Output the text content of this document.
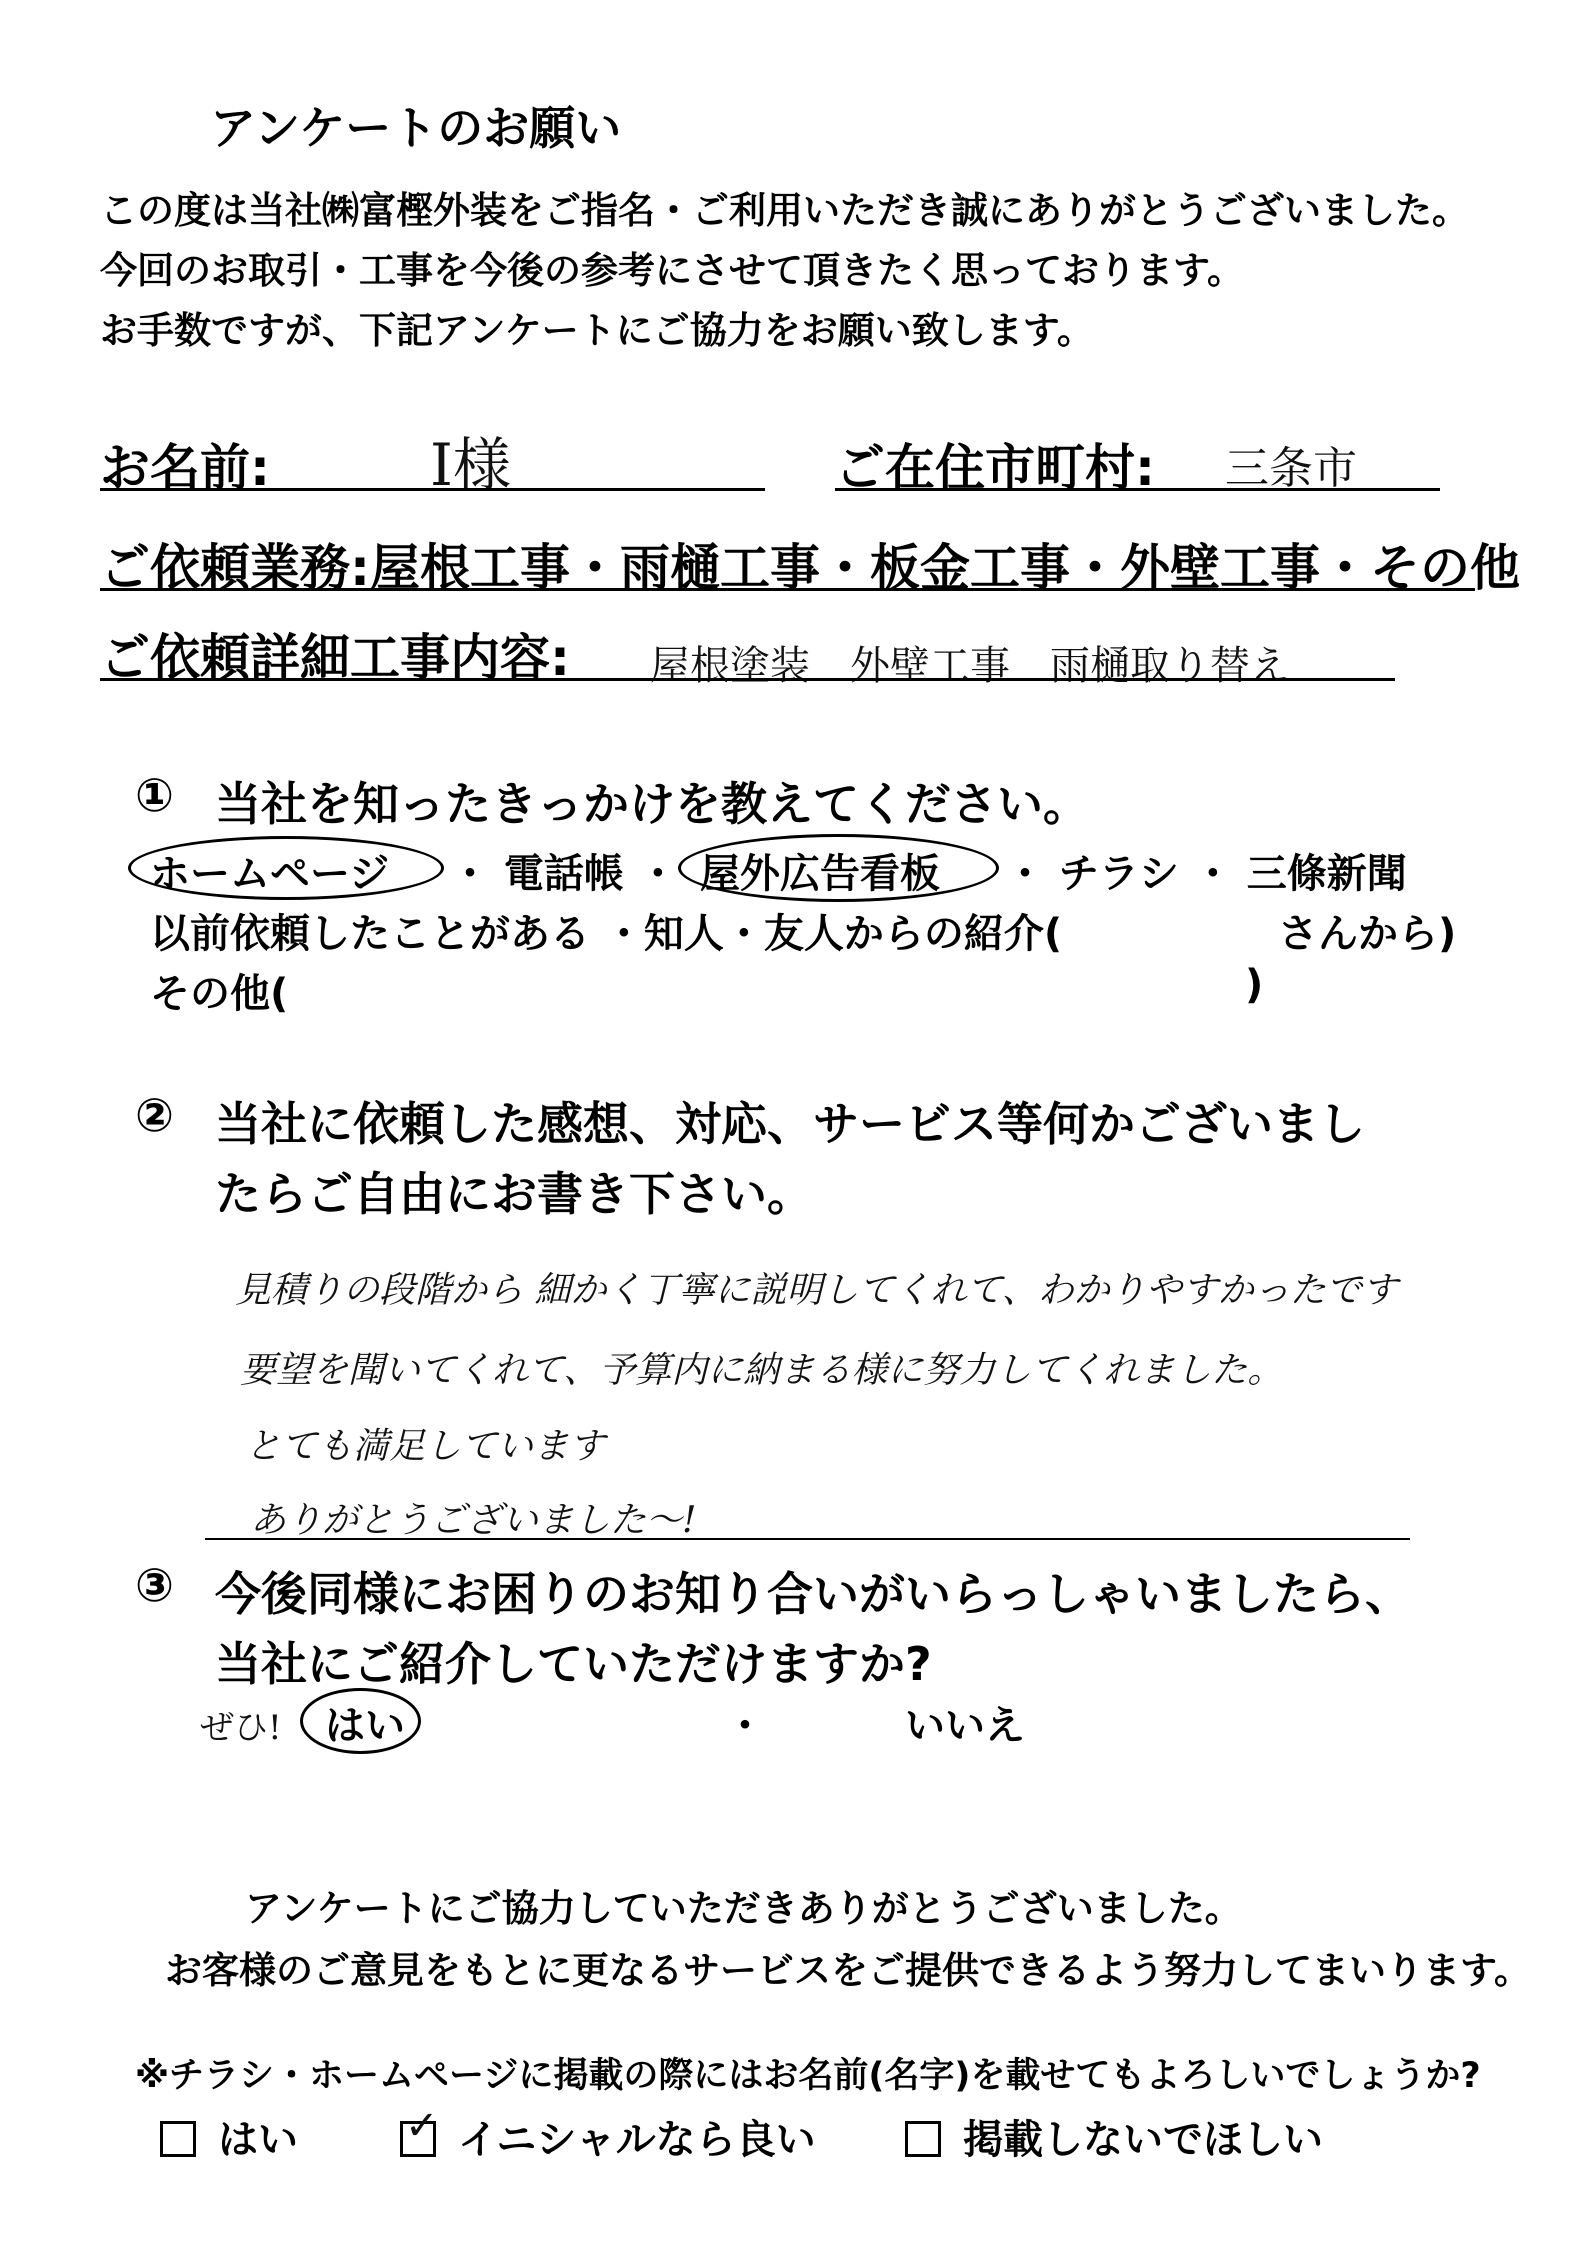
アンケートのお願い
この度は当社㈱富樫外装をご指名・ご利用いただき誠にありがとうございました。
今回のお取引・工事を今後の参考にさせて頂きたく思っております。
お手数ですが、下記アンケートにご協力をお願い致します。
お名前:	I様	ご在住市町村: 三条市
ご依頼業務:屋根工事・雨樋工事・板金工事・外壁工事・その他
ご依頼詳細工事内容: 屋根塗装　外壁工事　雨樋取り替え
① 当社を知ったきっかけを教えてください。
ホームページ ・ 電話帳 ・ 屋外広告看板 ・ チラシ ・ 三條新聞
以前依頼したことがある ・知人・友人からの紹介(	さんから)
その他(	)
② 当社に依頼した感想、対応、サービス等何かございまし
たらご自由にお書き下さい。
見積りの段階から 細かく丁寧に説明してくれて、わかりやすかったです
要望を聞いてくれて、予算内に納まる様に努力してくれました。
とても満足しています
ありがとうございました～!
③ 今後同様にお困りのお知り合いがいらっしゃいましたら、
当社にご紹介していただけますか?
ぜひ! はい	・	いいえ
アンケートにご協力していただきありがとうございました。
お客様のご意見をもとに更なるサービスをご提供できるよう努力してまいります。
※チラシ・ホームページに掲載の際にはお名前(名字)を載せてもよろしいでしょうか?
はい	✓ イニシャルなら良い	掲載しないでほしい
